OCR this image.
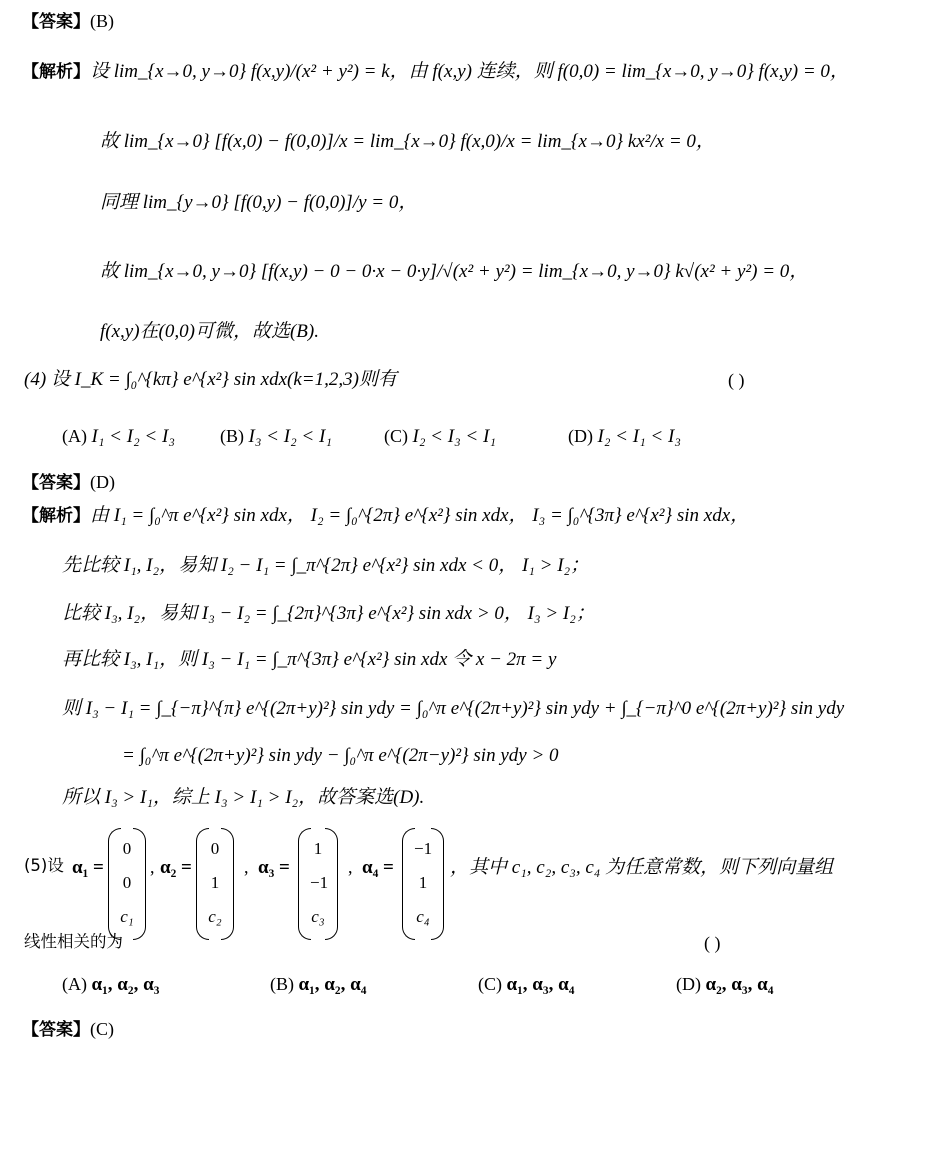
【答案】(B)
【解析】设 lim_{x→0, y→0} f(x,y)/(x² + y²) = k，由 f(x,y) 连续，则 f(0,0) = lim_{x→0, y→0} f(x,y) = 0，
故 lim_{x→0} [f(x,0) − f(0,0)]/x = lim_{x→0} f(x,0)/x = lim_{x→0} kx²/x = 0，
同理 lim_{y→0} [f(0,y) − f(0,0)]/y = 0，
故 lim_{x→0, y→0} [f(x,y) − 0 − 0·x − 0·y]/√(x² + y²) = lim_{x→0, y→0} k√(x² + y²) = 0，
f(x,y)在(0,0)可微，故选(B).
(4) 设 I_K = ∫₀^{kπ} e^{x²} sin xdx(k=1,2,3)则有	( )
(A) I₁ < I₂ < I₃	(B) I₃ < I₂ < I₁	(C) I₂ < I₃ < I₁	(D) I₂ < I₁ < I₃
【答案】(D)
【解析】由 I₁ = ∫₀^π e^{x²} sin xdx， I₂ = ∫₀^{2π} e^{x²} sin xdx， I₃ = ∫₀^{3π} e^{x²} sin xdx，
先比较 I₁, I₂，易知 I₂ − I₁ = ∫_π^{2π} e^{x²} sin xdx < 0， I₁ > I₂；
比较 I₃, I₂，易知 I₃ − I₂ = ∫_{2π}^{3π} e^{x²} sin xdx > 0， I₃ > I₂；
再比较 I₃, I₁，则 I₃ − I₁ = ∫_π^{3π} e^{x²} sin xdx 令 x − 2π = y
则 I₃ − I₁ = ∫_{−π}^{π} e^{(2π+y)²} sin ydy = ∫₀^π e^{(2π+y)²} sin ydy + ∫_{−π}^0 e^{(2π+y)²} sin ydy
= ∫₀^π e^{(2π+y)²} sin ydy − ∫₀^π e^{(2π−y)²} sin ydy > 0
所以 I₃ > I₁，综上 I₃ > I₁ > I₂，故答案选(D).
(5)设 α₁ =
0
0
c₁
, α₂ =
0
1
c₂
, α₃ =
1
−1
c₃
, α₄ =
−1
1
c₄
，其中 c₁, c₂, c₃, c₄ 为任意常数，则下列向量组
线性相关的为	( )
(A) α₁, α₂, α₃	(B) α₁, α₂, α₄	(C) α₁, α₃, α₄	(D) α₂, α₃, α₄
【答案】(C)
